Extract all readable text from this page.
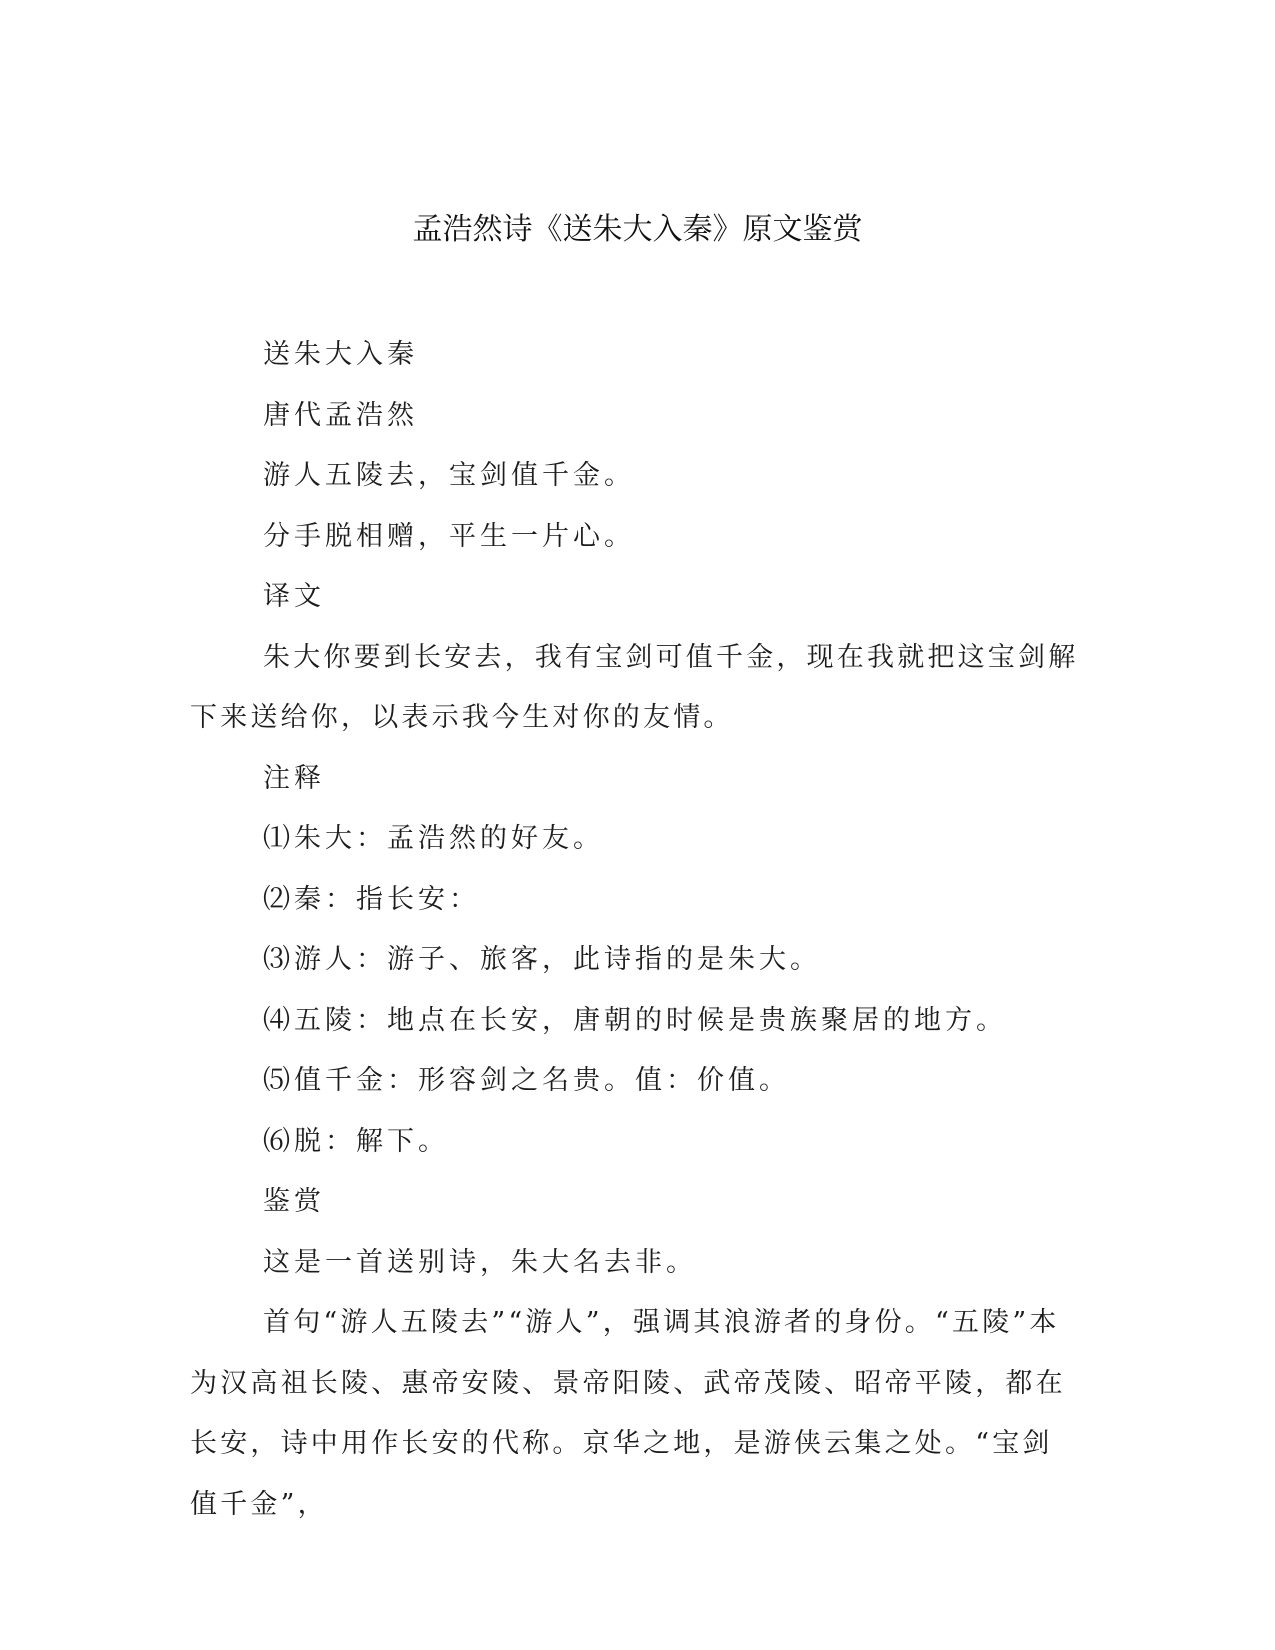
孟浩然诗《送朱大入秦》原文鉴赏

送朱大入秦

唐代孟浩然

游人五陵去，宝剑值千金。

分手脱相赠，平生一片心。

译文

朱大你要到长安去，我有宝剑可值千金，现在我就把这宝剑解下来送给你，以表示我今生对你的友情。

注释

⑴朱大：孟浩然的好友。

⑵秦：指长安：

⑶游人：游子、旅客，此诗指的是朱大。

⑷五陵：地点在长安，唐朝的时候是贵族聚居的地方。

⑸值千金：形容剑之名贵。值：价值。

⑹脱：解下。

鉴赏

这是一首送别诗，朱大名去非。

首句“游人五陵去”“游人”，强调其浪游者的身份。“五陵”本为汉高祖长陵、惠帝安陵、景帝阳陵、武帝茂陵、昭帝平陵，都在长安，诗中用作长安的代称。京华之地，是游侠云集之处。“宝剑值千金”，
